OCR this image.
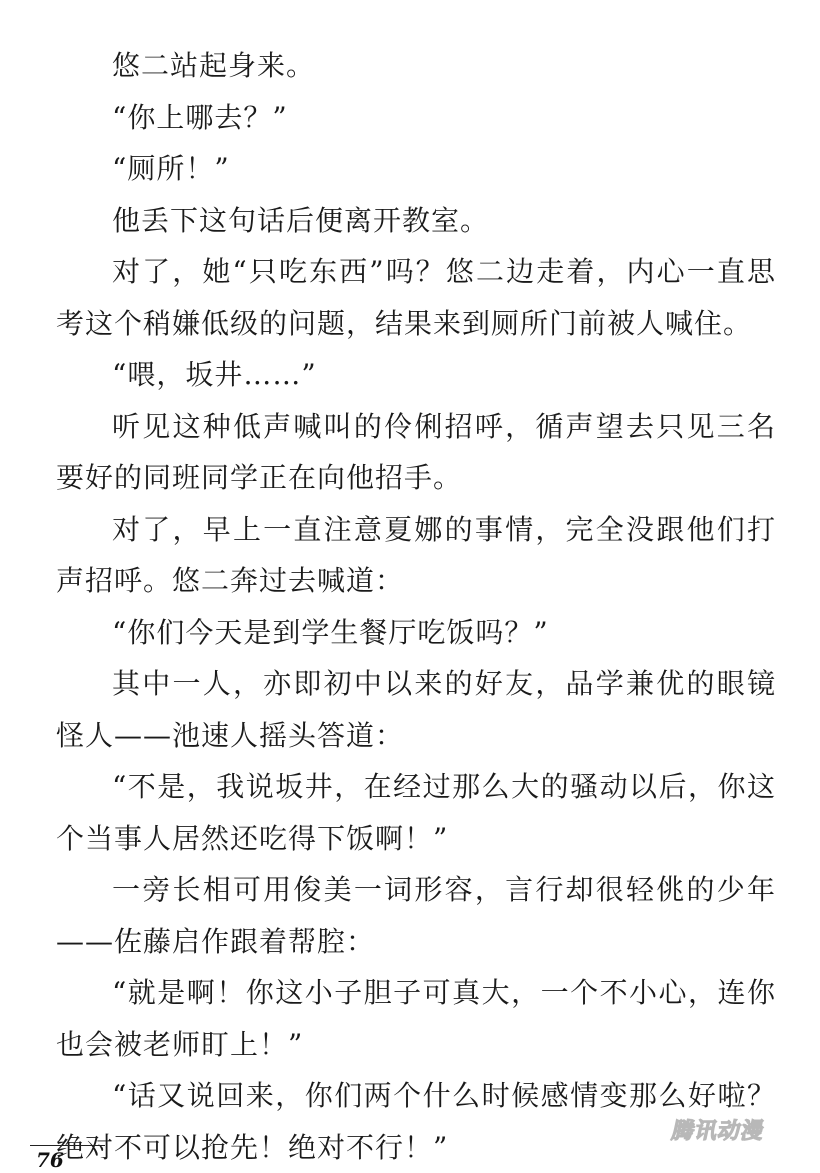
悠二站起身来。

“你上哪去？”

“厕所！”

他丢下这句话后便离开教室。

对了，她“只吃东西”吗？悠二边走着，内心一直思考这个稍嫌低级的问题，结果来到厕所门前被人喊住。

“喂，坂井……”

听见这种低声喊叫的伶俐招呼，循声望去只见三名要好的同班同学正在向他招手。

对了，早上一直注意夏娜的事情，完全没跟他们打声招呼。悠二奔过去喊道：

“你们今天是到学生餐厅吃饭吗？”

其中一人，亦即初中以来的好友，品学兼优的眼镜怪人——池速人摇头答道：

“不是，我说坂井，在经过那么大的骚动以后，你这个当事人居然还吃得下饭啊！”

一旁长相可用俊美一词形容，言行却很轻佻的少年——佐藤启作跟着帮腔：

“就是啊！你这小子胆子可真大，一个不小心，连你也会被老师盯上！”

“话又说回来，你们两个什么时候感情变那么好啦？绝对不可以抢先！绝对不行！”

76
腾讯动漫
